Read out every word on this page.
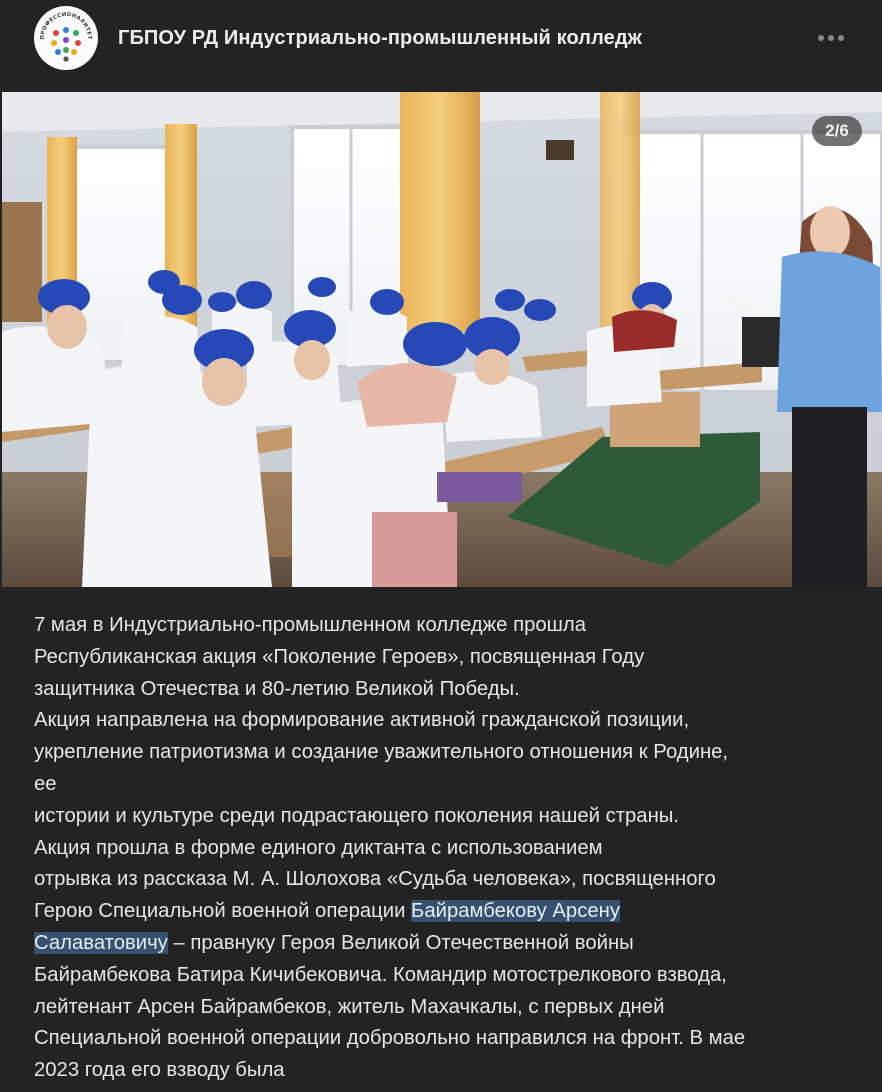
ПРОФЕССИОНАЛИТЕТ ГБПОУ РД Индустриально-промышленный колледж
2/6
7 мая в Индустриально-промышленном колледже прошла
Республиканская акция «Поколение Героев», посвященная Году
защитника Отечества и 80-летию Великой Победы.
Акция направлена на формирование активной гражданской позиции,
укрепление патриотизма и создание уважительного отношения к Родине,
ее
истории и культуре среди подрастающего поколения нашей страны.
Акция прошла в форме единого диктанта с использованием
отрывка из рассказа М. А. Шолохова «Судьба человека», посвященного
Герою Специальной военной операции Байрамбекову Арсену
Салаватовичу – правнуку Героя Великой Отечественной войны
Байрамбекова Батира Кичибековича. Командир мотострелкового взвода,
лейтенант Арсен Байрамбеков, житель Махачкалы, с первых дней
Специальной военной операции добровольно направился на фронт. В мае
2023 года его взводу была
